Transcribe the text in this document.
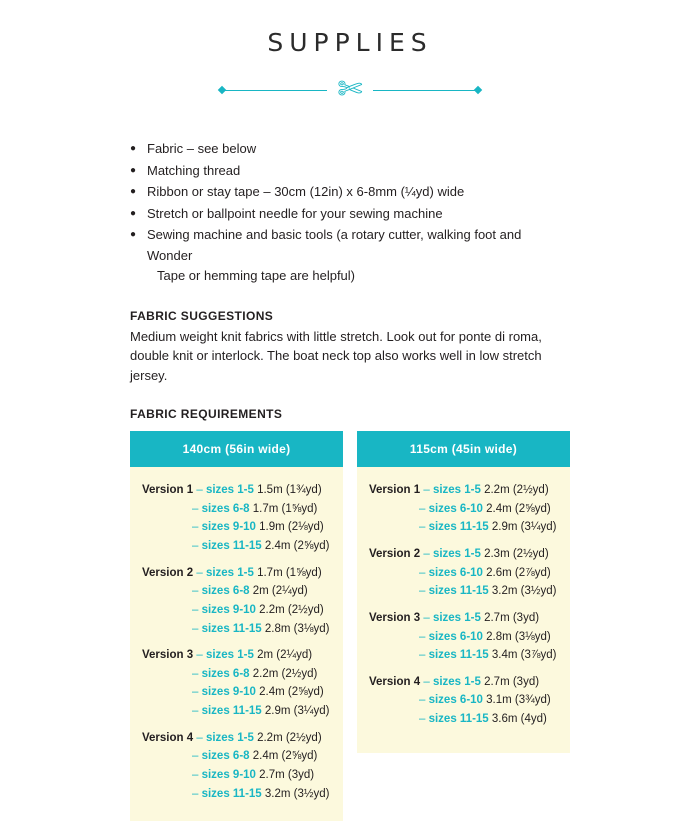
SUPPLIES
✄
● Fabric – see below
● Matching thread
● Ribbon or stay tape – 30cm (12in) x 6-8mm (¼yd) wide
● Stretch or ballpoint needle for your sewing machine
● Sewing machine and basic tools (a rotary cutter, walking foot and Wonder
Tape or hemming tape are helpful)
FABRIC SUGGESTIONS
Medium weight knit fabrics with little stretch. Look out for ponte di roma, double knit or interlock. The boat neck top also works well in low stretch jersey.
FABRIC REQUIREMENTS
140cm (56in wide)
Version 1 – sizes 1-5 1.5m (1¾yd)
– sizes 6-8 1.7m (1⅝yd)
– sizes 9-10 1.9m (2⅛yd)
– sizes 11-15 2.4m (2⅝yd)
Version 2 – sizes 1-5 1.7m (1⅝yd)
– sizes 6-8 2m (2¼yd)
– sizes 9-10 2.2m (2½yd)
– sizes 11-15 2.8m (3⅛yd)
Version 3 – sizes 1-5 2m (2¼yd)
– sizes 6-8 2.2m (2½yd)
– sizes 9-10 2.4m (2⅝yd)
– sizes 11-15 2.9m (3¼yd)
Version 4 – sizes 1-5 2.2m (2½yd)
– sizes 6-8 2.4m (2⅝yd)
– sizes 9-10 2.7m (3yd)
– sizes 11-15 3.2m (3½yd)
115cm (45in wide)
Version 1 – sizes 1-5 2.2m (2½yd)
– sizes 6-10 2.4m (2⅝yd)
– sizes 11-15 2.9m (3¼yd)
Version 2 – sizes 1-5 2.3m (2½yd)
– sizes 6-10 2.6m (2⅞yd)
– sizes 11-15 3.2m (3½yd)
Version 3 – sizes 1-5 2.7m (3yd)
– sizes 6-10 2.8m (3⅛yd)
– sizes 11-15 3.4m (3⅞yd)
Version 4 – sizes 1-5 2.7m (3yd)
– sizes 6-10 3.1m (3¾yd)
– sizes 11-15 3.6m (4yd)
